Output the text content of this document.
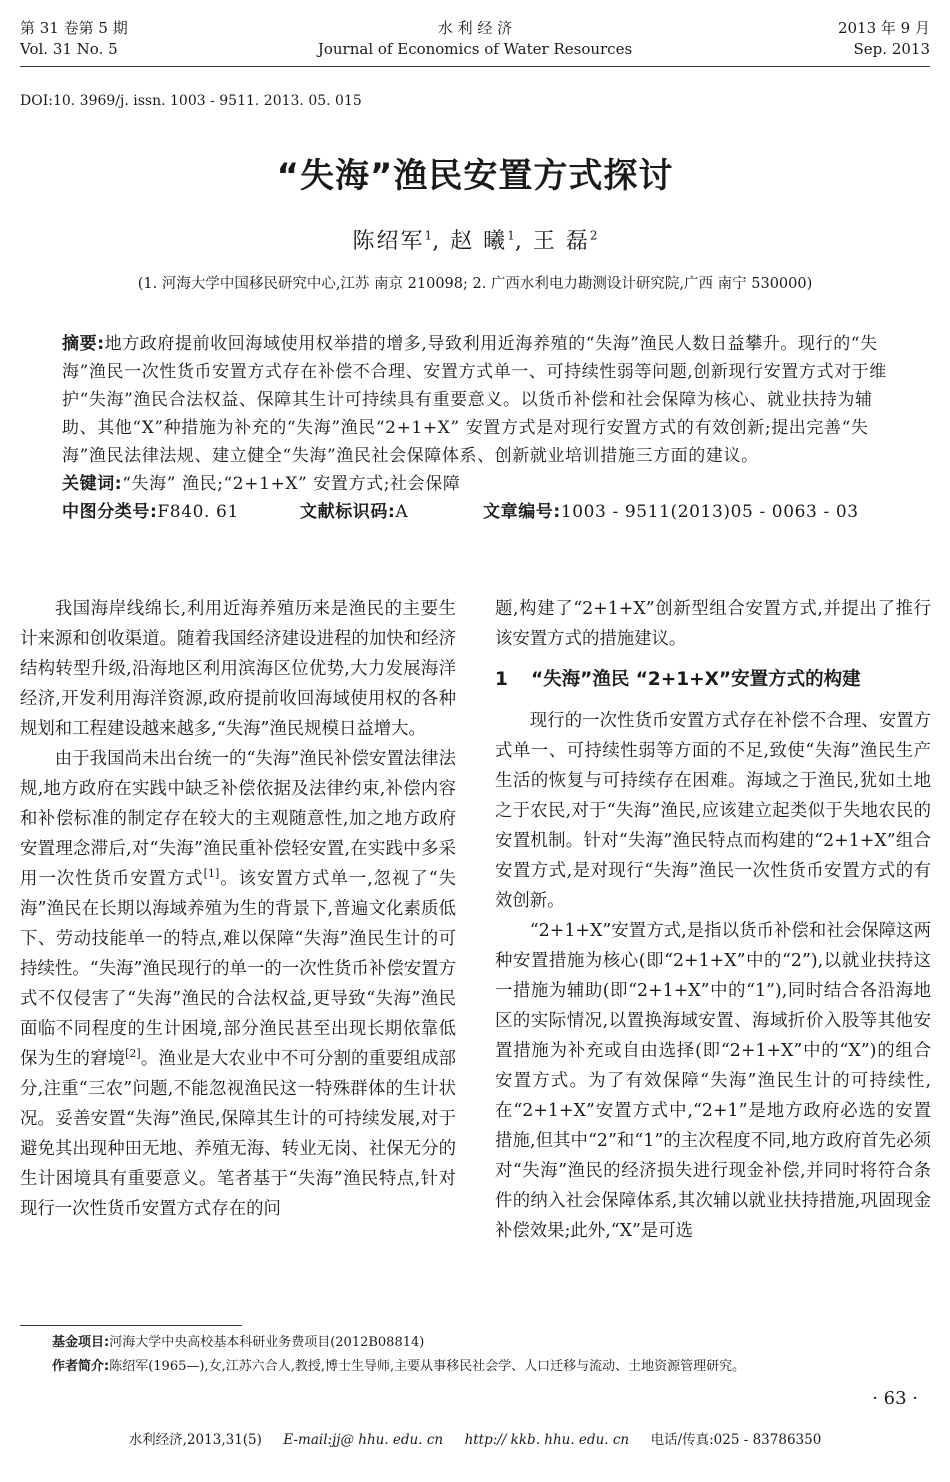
第 31 卷第 5 期
Vol. 31 No. 5
水 利 经 济
Journal of Economics of Water Resources
2013 年 9 月
Sep. 2013
DOI:10. 3969/j. issn. 1003 - 9511. 2013. 05. 015
“失海”渔民安置方式探讨
陈绍军$^1$, 赵 曦$^1$, 王 磊$^2$
(1. 河海大学中国移民研究中心,江苏 南京 210098; 2. 广西水利电力勘测设计研究院,广西 南宁 530000)

摘要:地方政府提前收回海域使用权举措的增多,导致利用近海养殖的“失海”渔民人数日益攀升。现行的“失海”渔民一次性货币安置方式存在补偿不合理、安置方式单一、可持续性弱等问题,创新现行安置方式对于维护“失海”渔民合法权益、保障其生计可持续具有重要意义。以货币补偿和社会保障为核心、就业扶持为辅助、其他“X”种措施为补充的“失海”渔民“2+1+X” 安置方式是对现行安置方式的有效创新;提出完善“失海”渔民法律法规、建立健全“失海”渔民社会保障体系、创新就业培训措施三方面的建议。

关键词:“失海” 渔民;“2+1+X” 安置方式;社会保障

中图分类号:F840. 61	文献标识码:A	文章编号:1003 - 9511(2013)05 - 0063 - 03

我国海岸线绵长,利用近海养殖历来是渔民的主要生计来源和创收渠道。随着我国经济建设进程的加快和经济结构转型升级,沿海地区利用滨海区位优势,大力发展海洋经济,开发利用海洋资源,政府提前收回海域使用权的各种规划和工程建设越来越多,“失海”渔民规模日益增大。

由于我国尚未出台统一的“失海”渔民补偿安置法律法规,地方政府在实践中缺乏补偿依据及法律约束,补偿内容和补偿标准的制定存在较大的主观随意性,加之地方政府安置理念滞后,对“失海”渔民重补偿轻安置,在实践中多采用一次性货币安置方式[1]。该安置方式单一,忽视了“失海”渔民在长期以海域养殖为生的背景下,普遍文化素质低下、劳动技能单一的特点,难以保障“失海”渔民生计的可持续性。“失海”渔民现行的单一的一次性货币补偿安置方式不仅侵害了“失海”渔民的合法权益,更导致“失海”渔民面临不同程度的生计困境,部分渔民甚至出现长期依靠低保为生的窘境[2]。渔业是大农业中不可分割的重要组成部分,注重“三农”问题,不能忽视渔民这一特殊群体的生计状况。妥善安置“失海”渔民,保障其生计的可持续发展,对于避免其出现种田无地、养殖无海、转业无岗、社保无分的生计困境具有重要意义。笔者基于“失海”渔民特点,针对现行一次性货币安置方式存在的问

题,构建了“2+1+X”创新型组合安置方式,并提出了推行该安置方式的措施建议。

1 “失海”渔民 “2+1+X”安置方式的构建

现行的一次性货币安置方式存在补偿不合理、安置方式单一、可持续性弱等方面的不足,致使“失海”渔民生产生活的恢复与可持续存在困难。海域之于渔民,犹如土地之于农民,对于“失海”渔民,应该建立起类似于失地农民的安置机制。针对“失海”渔民特点而构建的“2+1+X”组合安置方式,是对现行“失海”渔民一次性货币安置方式的有效创新。

“2+1+X”安置方式,是指以货币补偿和社会保障这两种安置措施为核心(即“2+1+X”中的“2”),以就业扶持这一措施为辅助(即“2+1+X”中的“1”),同时结合各沿海地区的实际情况,以置换海域安置、海域折价入股等其他安置措施为补充或自由选择(即“2+1+X”中的“X”)的组合安置方式。为了有效保障“失海”渔民生计的可持续性,在“2+1+X”安置方式中,“2+1”是地方政府必选的安置措施,但其中“2”和“1”的主次程度不同,地方政府首先必须对“失海”渔民的经济损失进行现金补偿,并同时将符合条件的纳入社会保障体系,其次辅以就业扶持措施,巩固现金补偿效果;此外,“X”是可选

基金项目:河海大学中央高校基本科研业务费项目(2012B08814)
作者简介:陈绍军(1965—),女,江苏六合人,教授,博士生导师,主要从事移民社会学、人口迁移与流动、土地资源管理研究。
· 63 ·
水利经济,2013,31(5) E-mail:jj@ hhu. edu. cn http:// kkb. hhu. edu. cn 电话/传真:025 - 83786350
